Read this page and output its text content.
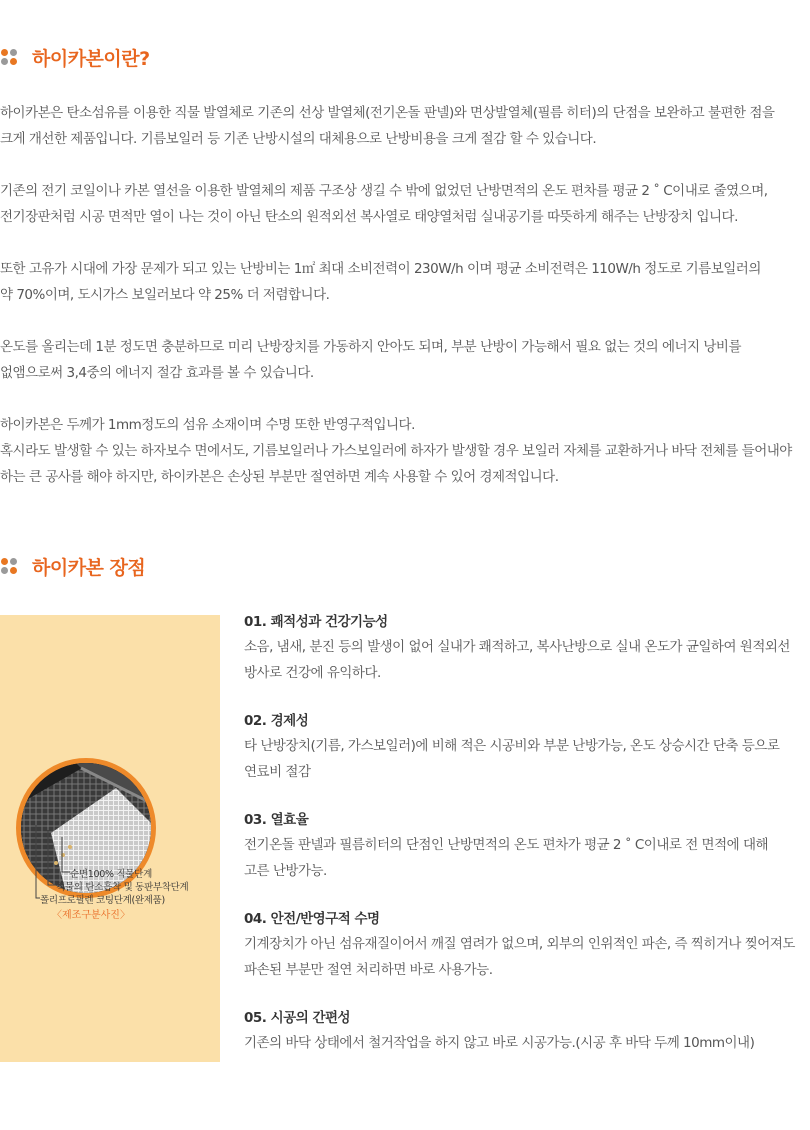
하이카본이란?

하이카본은 탄소섬유를 이용한 직물 발열체로 기존의 선상 발열체(전기온돌 판넬)와 면상발열체(필름 히터)의 단점을 보완하고 불편한 점을
크게 개선한 제품입니다. 기름보일러 등 기존 난방시설의 대체용으로 난방비용을 크게 절감 할 수 있습니다.

기존의 전기 코일이나 카본 열선을 이용한 발열체의 제품 구조상 생길 수 밖에 없었던 난방면적의 온도 편차를 평균 2 ˚ C이내로 줄였으며,
전기장판처럼 시공 면적만 열이 나는 것이 아닌 탄소의 원적외선 복사열로 태양열처럼 실내공기를 따뜻하게 해주는 난방장치 입니다.

또한 고유가 시대에 가장 문제가 되고 있는 난방비는 1㎡ 최대 소비전력이 230W/h 이며 평균 소비전력은 110W/h 정도로 기름보일러의
약 70%이며, 도시가스 보일러보다 약 25% 더 저렴합니다.

온도를 올리는데 1분 정도면 충분하므로 미리 난방장치를 가동하지 안아도 되며, 부분 난방이 가능해서 필요 없는 것의 에너지 낭비를
없앰으로써 3,4중의 에너지 절감 효과를 볼 수 있습니다.

하이카본은 두께가 1mm정도의 섬유 소재이며 수명 또한 반영구적입니다.
혹시라도 발생할 수 있는 하자보수 면에서도, 기름보일러나 가스보일러에 하자가 발생할 경우 보일러 자체를 교환하거나 바닥 전체를 들어내야
하는 큰 공사를 해야 하지만, 하이카본은 손상된 부분만 절연하면 계속 사용할 수 있어 경제적입니다.

하이카본 장점
순면100% 직물단계
직물의 탄소흡착 및 동판부착단계
폴리프로필렌 코팅단계(완제품)
〈제조구분사진〉
01. 쾌적성과 건강기능성

소음, 냄새, 분진 등의 발생이 없어 실내가 쾌적하고, 복사난방으로 실내 온도가 균일하여 원적외선
방사로 건강에 유익하다.

02. 경제성

타 난방장치(기름, 가스보일러)에 비해 적은 시공비와 부분 난방가능, 온도 상승시간 단축 등으로
연료비 절감

03. 열효율

전기온돌 판넬과 필름히터의 단점인 난방면적의 온도 편차가 평균 2 ˚ C이내로 전 면적에 대해
고른 난방가능.

04. 안전/반영구적 수명

기계장치가 아닌 섬유재질이어서 깨질 염려가 없으며, 외부의 인위적인 파손, 즉 찍히거나 찢어져도
파손된 부분만 절연 처리하면 바로 사용가능.

05. 시공의 간편성

기존의 바닥 상태에서 철거작업을 하지 않고 바로 시공가능.(시공 후 바닥 두께 10mm이내)
